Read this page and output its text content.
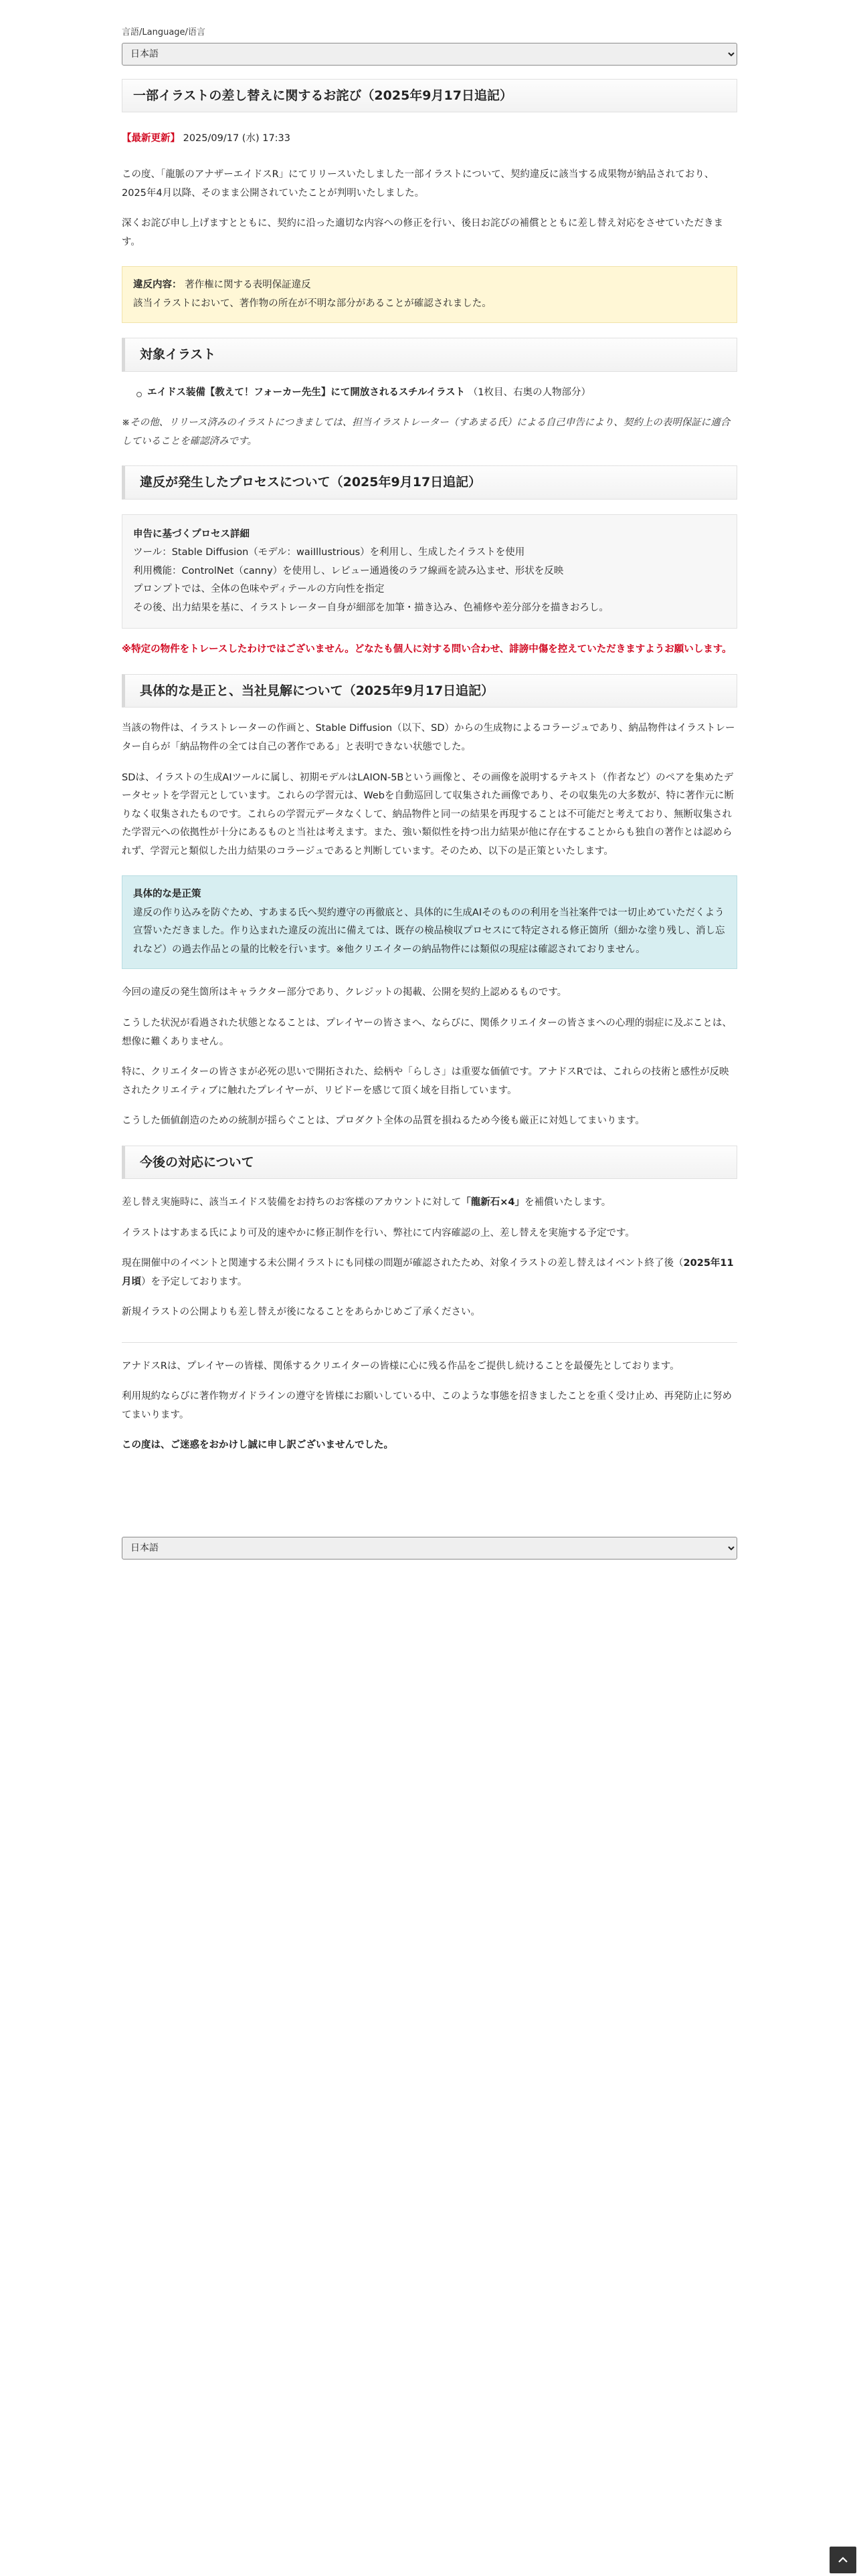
言語/Language/语言
日本語
一部イラストの差し替えに関するお詫び（2025年9月17日追記）

【最新更新】 2025/09/17 (水) 17:33

この度、「龍脈のアナザーエイドスR」にてリリースいたしました一部イラストについて、契約違反に該当する成果物が納品されており、2025年4月以降、そのまま公開されていたことが判明いたしました。

深くお詫び申し上げますとともに、契約に沿った適切な内容への修正を行い、後日お詫びの補償とともに差し替え対応をさせていただきます。

違反内容： 著作権に関する表明保証違反
該当イラストにおいて、著作物の所在が不明な部分があることが確認されました。
対象イラスト
エイドス装備【教えて！フォーカー先生】にて開放されるスチルイラスト （1枚目、右奥の人物部分）

※その他、リリース済みのイラストにつきましては、担当イラストレーター（すあまる氏）による自己申告により、契約上の表明保証に適合していることを確認済みです。

違反が発生したプロセスについて（2025年9月17日追記）
申告に基づくプロセス詳細
ツール：Stable Diffusion（モデル：waiIllustrious）を利用し、生成したイラストを使用
利用機能：ControlNet（canny）を使用し、レビュー通過後のラフ線画を読み込ませ、形状を反映
プロンプトでは、全体の色味やディテールの方向性を指定
その後、出力結果を基に、イラストレーター自身が細部を加筆・描き込み、色補修や差分部分を描きおろし。

※特定の物件をトレースしたわけではございません。どなたも個人に対する問い合わせ、誹謗中傷を控えていただきますようお願いします。

具体的な是正と、当社見解について（2025年9月17日追記）

当該の物件は、イラストレーターの作画と、Stable Diffusion（以下、SD）からの生成物によるコラージュであり、納品物件はイラストレーター自らが「納品物件の全ては自己の著作である」と表明できない状態でした。

SDは、イラストの生成AIツールに属し、初期モデルはLAION-5Bという画像と、その画像を説明するテキスト（作者など）のペアを集めたデータセットを学習元としています。これらの学習元は、Webを自動巡回して収集された画像であり、その収集先の大多数が、特に著作元に断りなく収集されたものです。これらの学習元データなくして、納品物件と同一の結果を再現することは不可能だと考えており、無断収集された学習元への依拠性が十分にあるものと当社は考えます。また、強い類似性を持つ出力結果が他に存在することからも独自の著作とは認められず、学習元と類似した出力結果のコラージュであると判断しています。そのため、以下の是正策といたします。

具体的な是正策
違反の作り込みを防ぐため、すあまる氏へ契約遵守の再徹底と、具体的に生成AIそのものの利用を当社案件では一切止めていただくよう宣誓いただきました。作り込まれた違反の流出に備えては、既存の検品検収プロセスにて特定される修正箇所（細かな塗り残し、消し忘れなど）の過去作品との量的比較を行います。※他クリエイターの納品物件には類似の現症は確認されておりません。

今回の違反の発生箇所はキャラクター部分であり、クレジットの掲載、公開を契約上認めるものです。

こうした状況が看過された状態となることは、プレイヤーの皆さまへ、ならびに、関係クリエイターの皆さまへの心理的弱症に及ぶことは、想像に難くありません。

特に、クリエイターの皆さまが必死の思いで開拓された、絵柄や「らしさ」は重要な価値です。アナドスRでは、これらの技術と感性が反映されたクリエイティブに触れたプレイヤーが、リビドーを感じて頂く域を目指しています。

こうした価値創造のための統制が揺らぐことは、プロダクト全体の品質を損ねるため今後も厳正に対処してまいります。

今後の対応について

差し替え実施時に、該当エイドス装備をお持ちのお客様のアカウントに対して「龍新石×4」を補償いたします。

イラストはすあまる氏により可及的速やかに修正制作を行い、弊社にて内容確認の上、差し替えを実施する予定です。

現在開催中のイベントと関連する未公開イラストにも同様の問題が確認されたため、対象イラストの差し替えはイベント終了後（2025年11月頃）を予定しております。

新規イラストの公開よりも差し替えが後になることをあらかじめご了承ください。

アナドスRは、プレイヤーの皆様、関係するクリエイターの皆様に心に残る作品をご提供し続けることを最優先としております。

利用規約ならびに著作物ガイドラインの遵守を皆様にお願いしている中、このような事態を招きましたことを重く受け止め、再発防止に努めてまいります。

この度は、ご迷惑をおかけし誠に申し訳ございませんでした。

日本語
